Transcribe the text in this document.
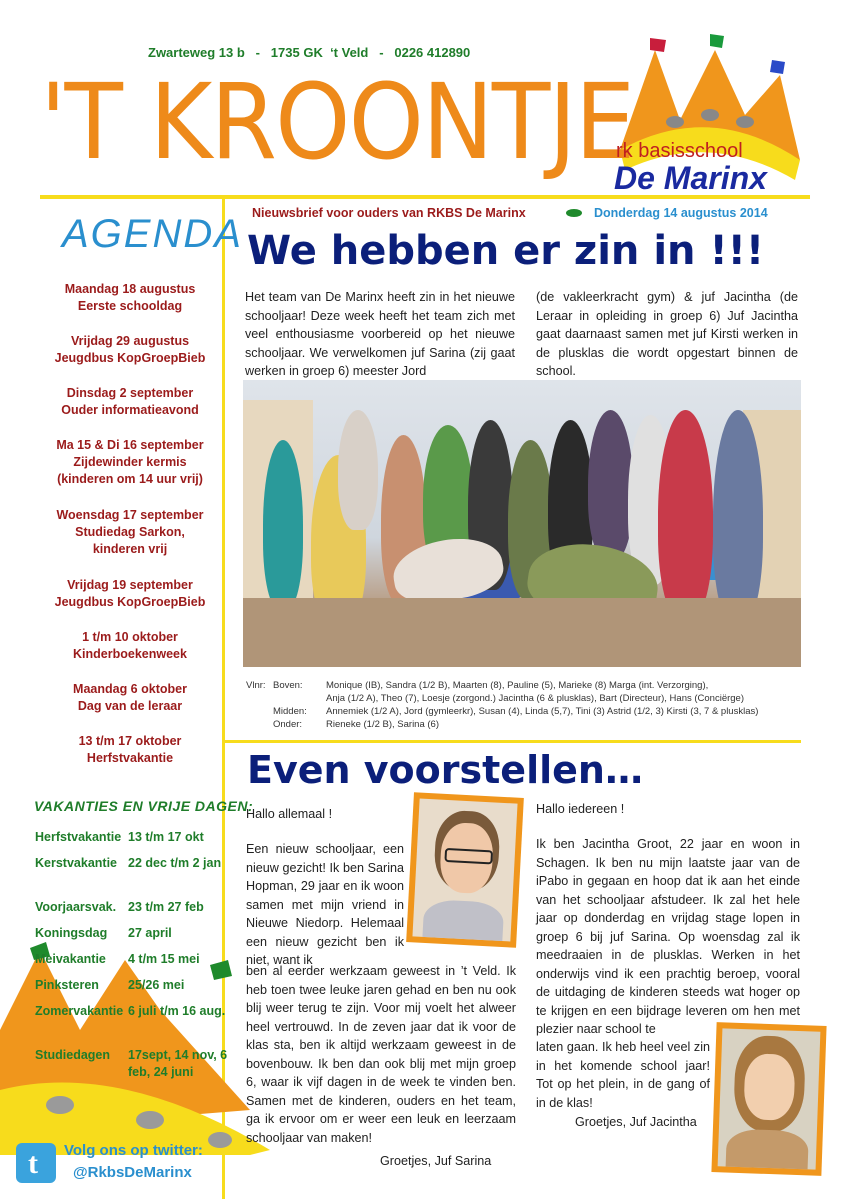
Zwarteweg 13 b   -   1735 GK  ‘t Veld   -   0226 412890
'T KROONTJE
rk basisschool
De Marinx
Nieuwsbrief voor ouders van RKBS De Marinx	Donderdag 14 augustus 2014
AGENDA
Maandag 18 augustus
Eerste schooldag
Vrijdag 29 augustus
Jeugdbus KopGroepBieb
Dinsdag 2 september
Ouder informatieavond
Ma 15 & Di 16 september
Zijdewinder kermis
(kinderen om 14 uur vrij)
Woensdag 17 september
Studiedag Sarkon,
kinderen vrij
Vrijdag 19 september
Jeugdbus KopGroepBieb
1 t/m 10 oktober
Kinderboekenweek
Maandag 6 oktober
Dag van de leraar
13 t/m 17 oktober
Herfstvakantie
VAKANTIES EN VRIJE DAGEN:
Herfstvakantie 13 t/m 17 okt
Kerstvakantie 22 dec t/m 2 jan
Voorjaarsvak. 23 t/m 27 feb
Koningsdag 27 april
Meivakantie 4 t/m 15 mei
Pinksteren 25/26 mei
Zomervakantie 6 juli t/m 16 aug.
Studiedagen 17sept, 14 nov, 6 feb, 24 juni
t Volg ons op twitter:
@RkbsDeMarinx
We hebben er zin in !!!
Het team van De Marinx heeft zin in het nieuwe schooljaar! Deze week heeft het team zich met veel enthousiasme voorbereid op het nieuwe schooljaar. We verwelkomen juf Sarina (zij gaat werken in groep 6) meester Jord
(de vakleerkracht gym) & juf Jacintha (de Leraar in opleiding in groep 6) Juf Jacintha gaat daarnaast samen met juf Kirsti werken in de plusklas die wordt opgestart binnen de school.
Vlnr: Boven: Monique (IB), Sandra (1/2 B), Maarten (8), Pauline (5), Marieke (8) Marga (int. Verzorging),
Anja (1/2 A), Theo (7), Loesje (zorgond.) Jacintha (6 & plusklas), Bart (Directeur), Hans (Conciërge)
Midden: Annemiek (1/2 A), Jord (gymleerkr), Susan (4), Linda (5,7), Tini (3) Astrid (1/2, 3) Kirsti (3, 7 & plusklas)
Onder:	Rieneke (1/2 B), Sarina (6)
Even voorstellen…
Hallo allemaal !
Een nieuw schooljaar, een nieuw gezicht! Ik ben Sarina Hopman, 29 jaar en ik woon samen met mijn vriend in Nieuwe Niedorp. Helemaal een nieuw gezicht ben ik niet, want ik
ben al eerder werkzaam geweest in ’t Veld. Ik heb toen twee leuke jaren gehad en ben nu ook blij weer terug te zijn. Voor mij voelt het alweer heel vertrouwd. In de zeven jaar dat ik voor de klas sta, ben ik altijd werkzaam geweest in de bovenbouw. Ik ben dan ook blij met mijn groep 6, waar ik vijf dagen in de week te vinden ben. Samen met de kinderen, ouders en het team, ga ik ervoor om er weer een leuk en leerzaam schooljaar van maken!
Groetjes, Juf Sarina
Hallo iedereen !
Ik ben Jacintha Groot, 22 jaar en woon in Schagen. Ik ben nu mijn laatste jaar van de iPabo in gegaan en hoop dat ik aan het einde van het schooljaar afstudeer. Ik zal het hele jaar op donderdag en vrijdag stage lopen in groep 6 bij juf Sarina. Op woensdag zal ik meedraaien in de plusklas. Werken in het onderwijs vind ik een prachtig beroep, vooral de uitdaging de kinderen steeds wat hoger op te krijgen en een bijdrage leveren om hen met plezier naar school te
laten gaan. Ik heb heel veel zin in het komende school jaar! Tot op het plein, in de gang of in de klas!
Groetjes, Juf Jacintha
